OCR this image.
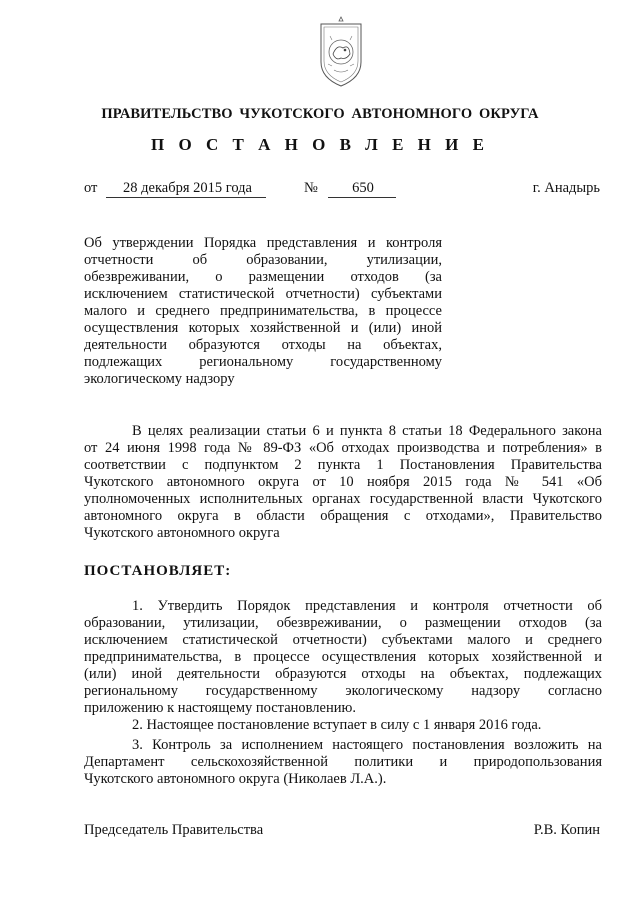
ПРАВИТЕЛЬСТВО ЧУКОТСКОГО АВТОНОМНОГО ОКРУГА
П О С Т А Н О В Л Е Н И Е
от	28 декабря 2015 года	№	650	г. Анадырь
Об утверждении Порядка представления и контроля
отчетности об образовании, утилизации,
обезвреживании, о размещении отходов (за
исключением статистической отчетности) субъектами
малого и среднего предпринимательства, в процессе
осуществления которых хозяйственной и (или) иной
деятельности образуются отходы на объектах,
подлежащих региональному государственному
экологическому надзору
В целях реализации статьи 6 и пункта 8 статьи 18 Федерального закона
от 24 июня 1998 года № 89-ФЗ «Об отходах производства и потребления» в
соответствии с подпунктом 2 пункта 1 Постановления Правительства
Чукотского автономного округа от 10 ноября 2015 года № 541 «Об
уполномоченных исполнительных органах государственной власти Чукотского
автономного округа в области обращения с отходами», Правительство
Чукотского автономного округа
ПОСТАНОВЛЯЕТ:
1. Утвердить Порядок представления и контроля отчетности об
образовании, утилизации, обезвреживании, о размещении отходов (за
исключением статистической отчетности) субъектами малого и среднего
предпринимательства, в процессе осуществления которых хозяйственной и
(или) иной деятельности образуются отходы на объектах, подлежащих
региональному государственному экологическому надзору согласно
приложению к настоящему постановлению.
2. Настоящее постановление вступает в силу с 1 января 2016 года.
3. Контроль за исполнением настоящего постановления возложить на
Департамент сельскохозяйственной политики и природопользования
Чукотского автономного округа (Николаев Л.А.).
Председатель Правительства	Р.В. Копин
